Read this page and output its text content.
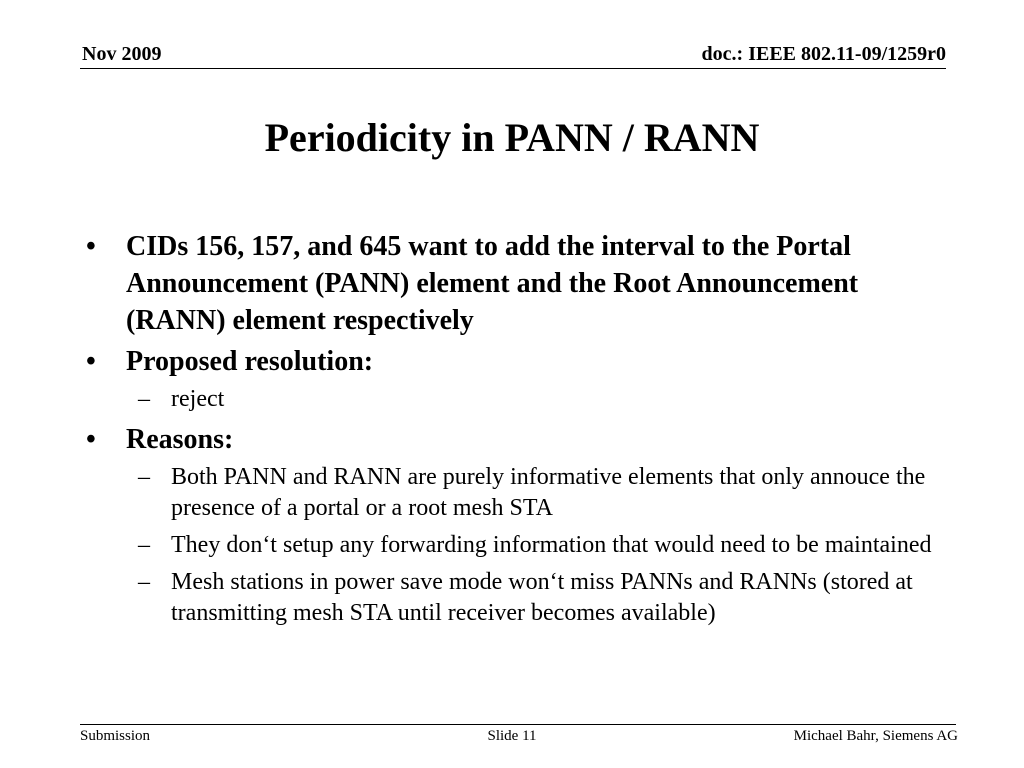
Nov 2009	doc.: IEEE 802.11-09/1259r0
Periodicity in PANN / RANN
• CIDs 156, 157, and 645 want to add the interval to the Portal Announcement (PANN) element and the Root Announcement (RANN) element respectively
• Proposed resolution:
– reject
• Reasons:
– Both PANN and RANN are purely informative elements that only annouce the presence of a portal or a root mesh STA
– They don‘t setup any forwarding information that would need to be maintained
– Mesh stations in power save mode won‘t miss PANNs and RANNs (stored at transmitting mesh STA until receiver becomes available)
Submission	Slide 11	Michael Bahr, Siemens AG
